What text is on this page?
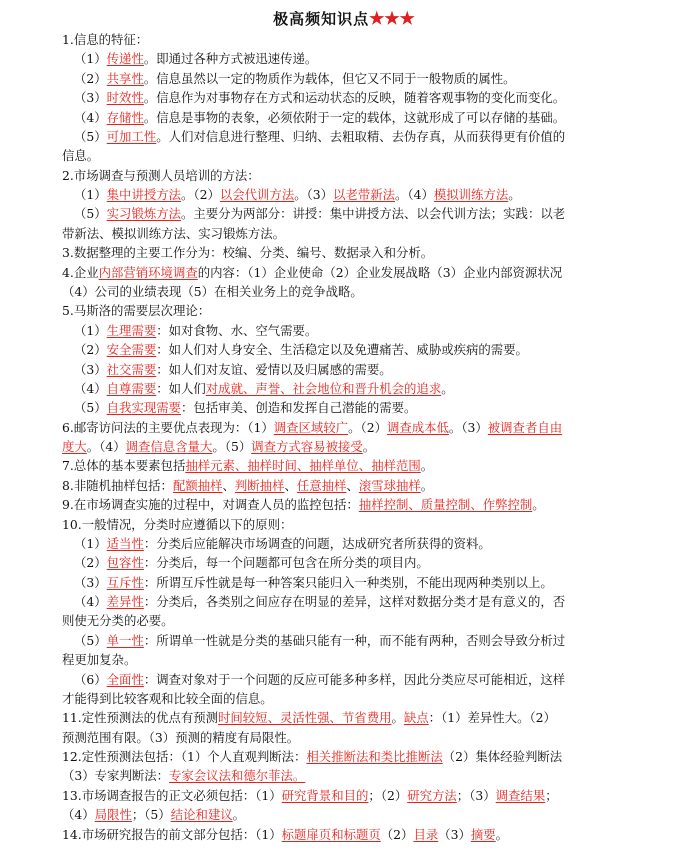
极高频知识点★★★
1.信息的特征：
（1）传递性。即通过各种方式被迅速传递。
（2）共享性。信息虽然以一定的物质作为载体，但它又不同于一般物质的属性。
（3）时效性。信息作为对事物存在方式和运动状态的反映，随着客观事物的变化而变化。
（4）存储性。信息是事物的表象，必须依附于一定的载体，这就形成了可以存储的基础。
（5）可加工性。人们对信息进行整理、归纳、去粗取精、去伪存真，从而获得更有价值的
信息。
2.市场调查与预测人员培训的方法：
（1）集中讲授方法。（2）以会代训方法。（3）以老带新法。（4）模拟训练方法。
（5）实习锻炼方法。主要分为两部分：讲授：集中讲授方法、以会代训方法；实践：以老
带新法、模拟训练方法、实习锻炼方法。
3.数据整理的主要工作分为：校编、分类、编号、数据录入和分析。
4.企业内部营销环境调查的内容：（1）企业使命（2）企业发展战略（3）企业内部资源状况
（4）公司的业绩表现（5）在相关业务上的竞争战略。
5.马斯洛的需要层次理论：
（1）生理需要：如对食物、水、空气需要。
（2）安全需要：如人们对人身安全、生活稳定以及免遭痛苦、威胁或疾病的需要。
（3）社交需要：如人们对友谊、爱情以及归属感的需要。
（4）自尊需要：如人们对成就、声誉、社会地位和晋升机会的追求。
（5）自我实现需要：包括审美、创造和发挥自己潜能的需要。
6.邮寄访问法的主要优点表现为：（1）调查区域较广。（2）调查成本低。（3）被调查者自由
度大。（4）调查信息含量大。（5）调查方式容易被接受。
7.总体的基本要素包括抽样元素、抽样时间、抽样单位、抽样范围。
8.非随机抽样包括：配额抽样、判断抽样、任意抽样、滚雪球抽样。
9.在市场调查实施的过程中，对调查人员的监控包括：抽样控制、质量控制、作弊控制。
10.一般情况，分类时应遵循以下的原则：
（1）适当性：分类后应能解决市场调查的问题，达成研究者所获得的资料。
（2）包容性：分类后，每一个问题都可包含在所分类的项目内。
（3）互斥性：所谓互斥性就是每一种答案只能归入一种类别，不能出现两种类别以上。
（4）差异性：分类后，各类别之间应存在明显的差异，这样对数据分类才是有意义的，否
则使无分类的必要。
（5）单一性：所谓单一性就是分类的基础只能有一种，而不能有两种，否则会导致分析过
程更加复杂。
（6）全面性：调查对象对于一个问题的反应可能多种多样，因此分类应尽可能相近，这样
才能得到比较客观和比较全面的信息。
11.定性预测法的优点有预测时间较短、灵活性强、节省费用。缺点：（1）差异性大。（2）
预测范围有限。（3）预测的精度有局限性。
12.定性预测法包括：（1）个人直观判断法：相关推断法和类比推断法（2）集体经验判断法
（3）专家判断法：专家会议法和德尔菲法。
13.市场调查报告的正文必须包括：（1）研究背景和目的；（2）研究方法；（3）调查结果；
（4）局限性；（5）结论和建议。
14.市场研究报告的前文部分包括：（1）标题扉页和标题页（2）目录（3）摘要。
